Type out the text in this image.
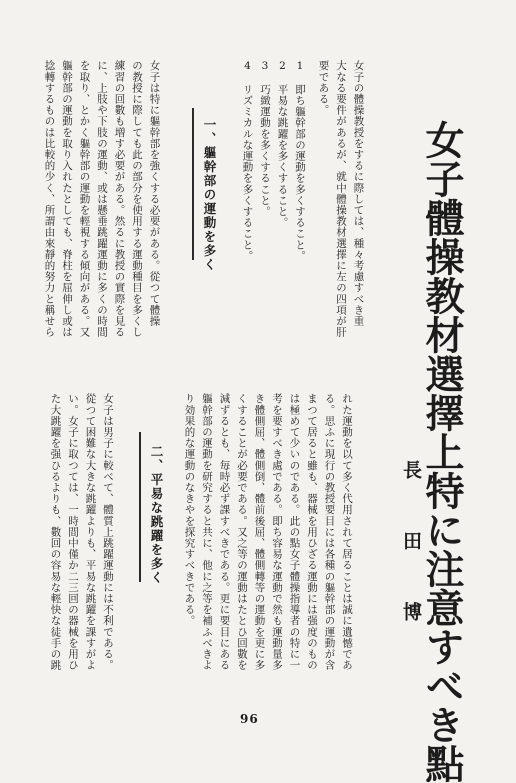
女子體操教材選擇上特に注意すべき點
長田博
女子の體操教授をするに際しては、種々考慮すべき重
大なる要件があるが、就中體操教材選擇に左の四項が肝
要である。
1　即ち軀幹部の運動を多くすること。
2　平易な跳躍を多くすること。
3　巧緻運動を多くすること。
4　リズミカルな運動を多くすること。
一、軀幹部の運動を多く
女子は特に軀幹部を強くする必要がある。從つて體操
の教授に際しても此の部分を使用する運動種目を多くし
練習の回數も増す必要がある。然るに教授の實際を見る
に、上肢や下肢の運動、或は懸垂跳躍運動に多くの時間
を取り、とかく軀幹部の運動を輕視する傾向がある。又
軀幹部の運動を取り入れたとしても、脊柱を屈伸し或は
捻轉するものは比較的少く、所謂由來靜的努力と稱せら
れた運動を以て多く代用されて居ることは誠に遺憾であ
る。思ふに現行の教授要目には各種の軀幹部の運動が含
まつて居ると雖も、器械を用ひざる運動には强度のもの
は極めて少いのである。此の點女子體操指導者の特に一
考を要すべき處である。即ち容易な運動で然も運動量多
き體側屈、體側倒、體前後屈、體側轉等の運動を更に多
くすることが必要である。又之等の運動はたとひ回數を
減ずるとも、毎時必ず課すべきである。更に要目にある
軀幹部の運動を研究すると共に、他に之等を補ふべきよ
り効果的な運動のなきやを探究すべきである。
二、平易な跳躍を多く
女子は男子に較べて、體質上跳躍運動には不利である。
從つて困難な大きな跳躍よりも、平易な跳躍を課すがよ
い。女子に取つては、一時間中僅か二三回の器械を用ひ
た大跳躍を强ひるよりも、數回の容易な輕快な徒手の跳
96
